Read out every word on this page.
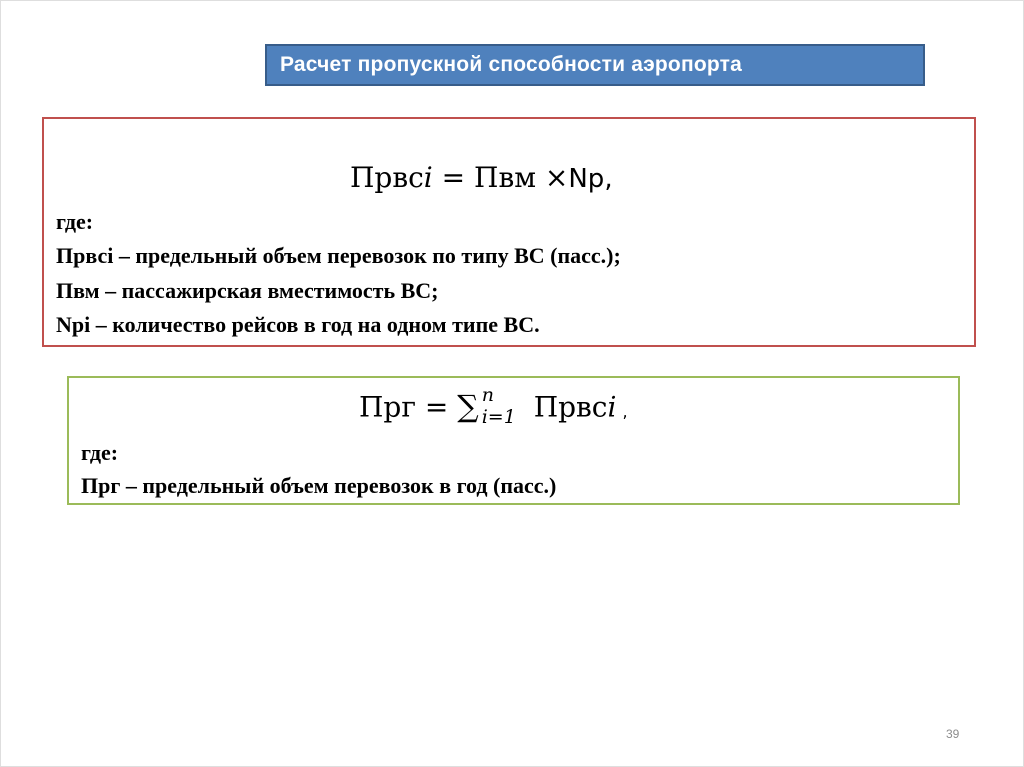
Расчет пропускной способности аэропорта
Првсi = Пвм ×Nр,
где:
Првсi – предельный объем перевозок по типу ВС (пасс.);
Пвм – пассажирская вместимость ВС;
Npi – количество рейсов в год на одном типе ВС.
Прг = ∑ n
i=1 Првсi ,
где:
Прг – предельный объем перевозок в год (пасс.)
39
